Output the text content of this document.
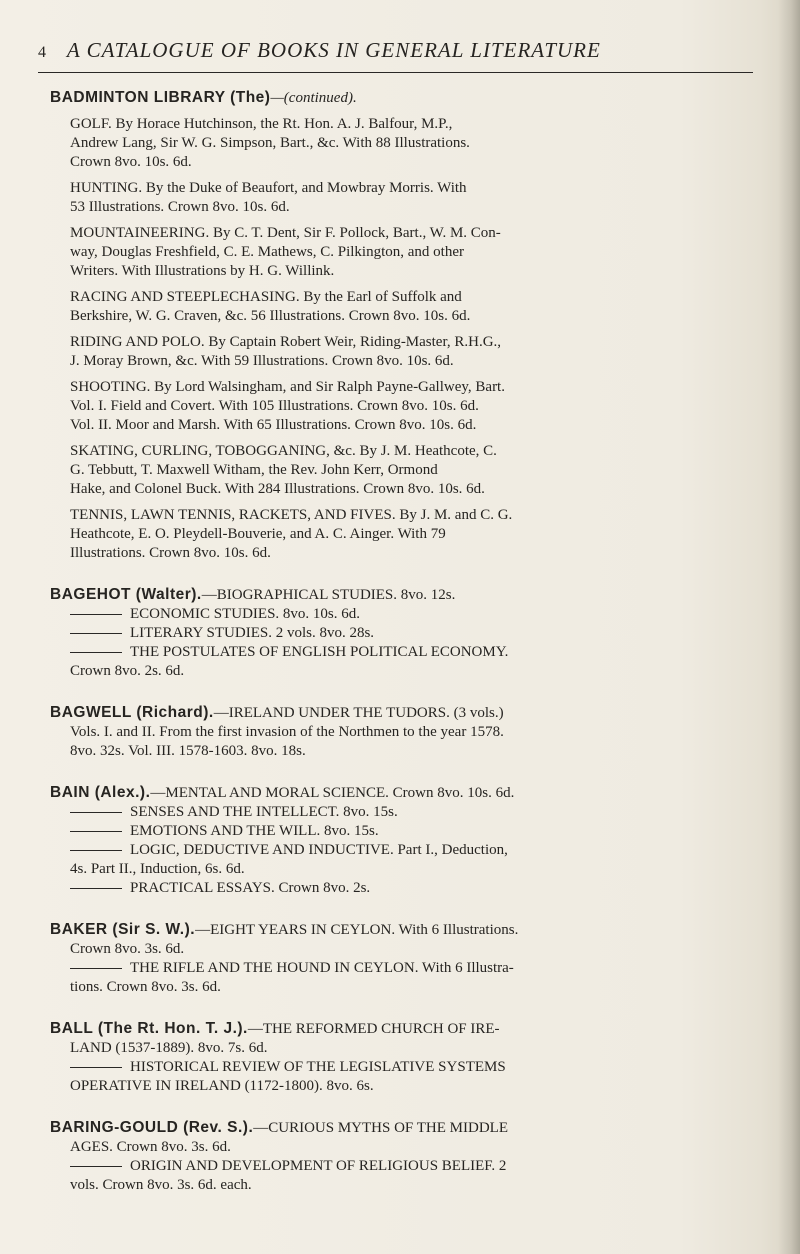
4 A CATALOGUE OF BOOKS IN GENERAL LITERATURE
BADMINTON LIBRARY (The)—(continued).
GOLF. By Horace Hutchinson, the Rt. Hon. A. J. Balfour, M.P.,
Andrew Lang, Sir W. G. Simpson, Bart., &c. With 88 Illustrations.
Crown 8vo. 10s. 6d.
HUNTING. By the Duke of Beaufort, and Mowbray Morris. With
53 Illustrations. Crown 8vo. 10s. 6d.
MOUNTAINEERING. By C. T. Dent, Sir F. Pollock, Bart., W. M. Con-
way, Douglas Freshfield, C. E. Mathews, C. Pilkington, and other
Writers. With Illustrations by H. G. Willink.
RACING AND STEEPLECHASING. By the Earl of Suffolk and
Berkshire, W. G. Craven, &c. 56 Illustrations. Crown 8vo. 10s. 6d.
RIDING AND POLO. By Captain Robert Weir, Riding-Master, R.H.G.,
J. Moray Brown, &c. With 59 Illustrations. Crown 8vo. 10s. 6d.
SHOOTING. By Lord Walsingham, and Sir Ralph Payne-Gallwey, Bart.
Vol. I. Field and Covert. With 105 Illustrations. Crown 8vo. 10s. 6d.
Vol. II. Moor and Marsh. With 65 Illustrations. Crown 8vo. 10s. 6d.
SKATING, CURLING, TOBOGGANING, &c. By J. M. Heathcote, C.
G. Tebbutt, T. Maxwell Witham, the Rev. John Kerr, Ormond
Hake, and Colonel Buck. With 284 Illustrations. Crown 8vo. 10s. 6d.
TENNIS, LAWN TENNIS, RACKETS, AND FIVES. By J. M. and C. G.
Heathcote, E. O. Pleydell-Bouverie, and A. C. Ainger. With 79
Illustrations. Crown 8vo. 10s. 6d.
BAGEHOT (Walter).—BIOGRAPHICAL STUDIES. 8vo. 12s.
ECONOMIC STUDIES. 8vo. 10s. 6d.
LITERARY STUDIES. 2 vols. 8vo. 28s.
THE POSTULATES OF ENGLISH POLITICAL ECONOMY.
Crown 8vo. 2s. 6d.
BAGWELL (Richard).—IRELAND UNDER THE TUDORS. (3 vols.)
Vols. I. and II. From the first invasion of the Northmen to the year 1578.
8vo. 32s. Vol. III. 1578-1603. 8vo. 18s.
BAIN (Alex.).—MENTAL AND MORAL SCIENCE. Crown 8vo. 10s. 6d.
SENSES AND THE INTELLECT. 8vo. 15s.
EMOTIONS AND THE WILL. 8vo. 15s.
LOGIC, DEDUCTIVE AND INDUCTIVE. Part I., Deduction,
4s. Part II., Induction, 6s. 6d.
PRACTICAL ESSAYS. Crown 8vo. 2s.
BAKER (Sir S. W.).—EIGHT YEARS IN CEYLON. With 6 Illustrations.
Crown 8vo. 3s. 6d.
THE RIFLE AND THE HOUND IN CEYLON. With 6 Illustra-
tions. Crown 8vo. 3s. 6d.
BALL (The Rt. Hon. T. J.).—THE REFORMED CHURCH OF IRE-
LAND (1537-1889). 8vo. 7s. 6d.
HISTORICAL REVIEW OF THE LEGISLATIVE SYSTEMS
OPERATIVE IN IRELAND (1172-1800). 8vo. 6s.
BARING-GOULD (Rev. S.).—CURIOUS MYTHS OF THE MIDDLE
AGES. Crown 8vo. 3s. 6d.
ORIGIN AND DEVELOPMENT OF RELIGIOUS BELIEF. 2
vols. Crown 8vo. 3s. 6d. each.
